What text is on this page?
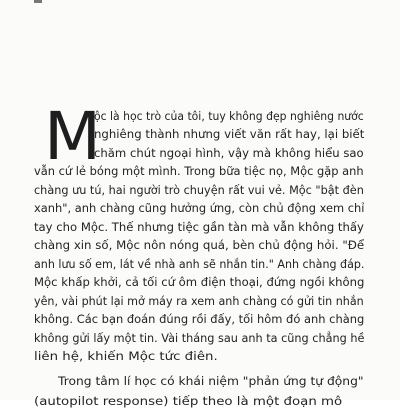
M
ộc là học trò của tôi, tuy không đẹp nghiêng nước
nghiêng thành nhưng viết văn rất hay, lại biết
chăm chút ngoại hình, vậy mà không hiểu sao
vẫn cứ lẻ bóng một mình. Trong bữa tiệc nọ, Mộc gặp anh
chàng ưu tú, hai người trò chuyện rất vui vẻ. Mộc "bật đèn
xanh", anh chàng cũng hưởng ứng, còn chủ động xem chỉ
tay cho Mộc. Thế nhưng tiệc gần tàn mà vẫn không thấy
chàng xin số, Mộc nôn nóng quá, bèn chủ động hỏi. "Để
anh lưu số em, lát về nhà anh sẽ nhắn tin." Anh chàng đáp.
Mộc khấp khởi, cả tối cứ ôm điện thoại, đứng ngồi không
yên, vài phút lại mở máy ra xem anh chàng có gửi tin nhắn
không. Các bạn đoán đúng rồi đấy, tối hôm đó anh chàng
không gửi lấy một tin. Vài tháng sau anh ta cũng chẳng hề
liên hệ, khiến Mộc tức điên.
Trong tâm lí học có khái niệm "phản ứng tự động"
(autopilot response) tiếp theo là một đoạn mô
